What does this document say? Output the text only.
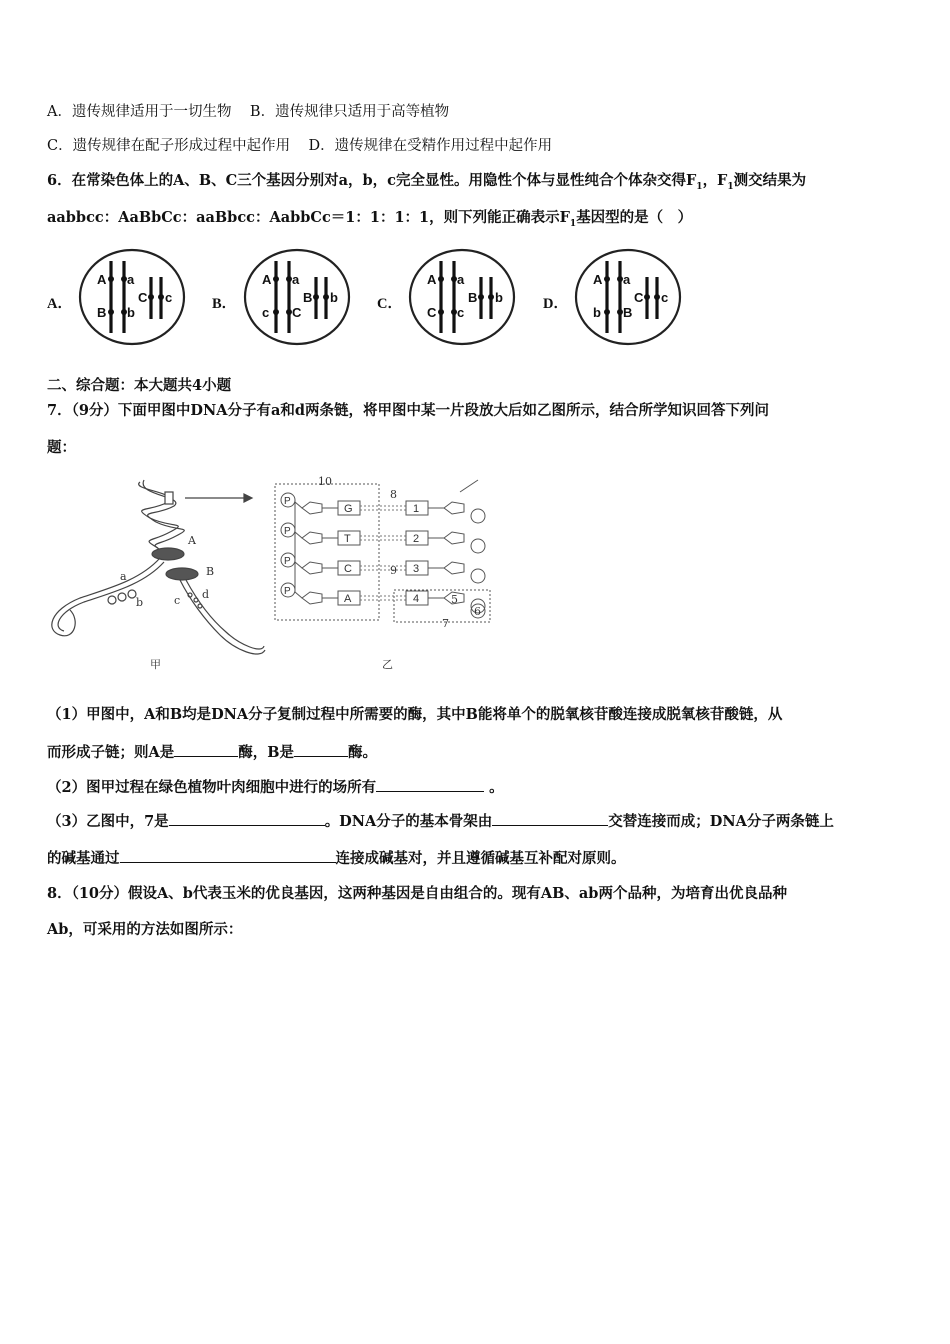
A．遗传规律适用于一切生物 B．遗传规律只适用于高等植物
C．遗传规律在配子形成过程中起作用 D．遗传规律在受精作用过程中起作用
6．在常染色体上的A、B、C三个基因分别对a，b，c完全显性。用隐性个体与显性纯合个体杂交得$F_1$，$F_1$测交结果为
aabbcc：AaBbCc：aaBbcc：AabbCc＝1：1：1：1，则下列能正确表示$F_1$基因型的是（　）
A．
A a
B b
C c	B．
A a
c C
B b	C．
A a
C c
B b	D．
A a
b B
C c
二、综合题：本大题共4小题
7．（9分）下面甲图中DNA分子有a和d两条链，将甲图中某一片段放大后如乙图所示，结合所学知识回答下列问
题：
A
B
a
b	c d
甲
P
G	1
P
T	2
P
C	3
P
A	4
10
8
9
7
5
6
乙
（1）甲图中，A和B均是DNA分子复制过程中所需要的酶，其中B能将单个的脱氧核苷酸连接成脱氧核苷酸链，从
而形成子链；则A是	酶，B是	酶。
（2）图甲过程在绿色植物叶肉细胞中进行的场所有	。
（3）乙图中，7是	。DNA分子的基本骨架由	交替连接而成；DNA分子两条链上
的碱基通过	连接成碱基对，并且遵循碱基互补配对原则。
8．（10分）假设A、b代表玉米的优良基因，这两种基因是自由组合的。现有AB、ab两个品种，为培育出优良品种
Ab，可采用的方法如图所示：
